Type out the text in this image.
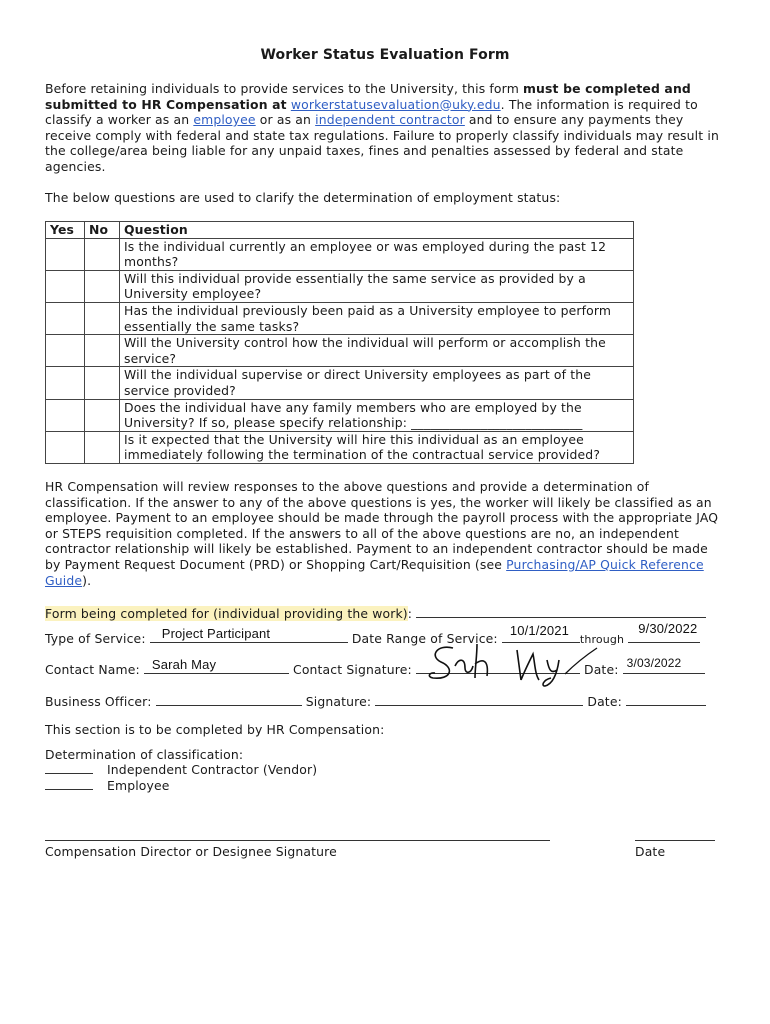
Worker Status Evaluation Form
Before retaining individuals to provide services to the University, this form must be completed and submitted to HR Compensation at workerstatusevaluation@uky.edu. The information is required to classify a worker as an employee or as an independent contractor and to ensure any payments they receive comply with federal and state tax regulations. Failure to properly classify individuals may result in the college/area being liable for any unpaid taxes, fines and penalties assessed by federal and state agencies.
The below questions are used to clarify the determination of employment status:
Yes	No	Question
		Is the individual currently an employee or was employed during the past 12 months?
		Will this individual provide essentially the same service as provided by a University employee?
		Has the individual previously been paid as a University employee to perform essentially the same tasks?
		Will the University control how the individual will perform or accomplish the service?
		Will the individual supervise or direct University employees as part of the service provided?
		Does the individual have any family members who are employed by the University? If so, please specify relationship: ___________________________
		Is it expected that the University will hire this individual as an employee immediately following the termination of the contractual service provided?
HR Compensation will review responses to the above questions and provide a determination of classification. If the answer to any of the above questions is yes, the worker will likely be classified as an employee. Payment to an employee should be made through the payroll process with the appropriate JAQ or STEPS requisition completed. If the answers to all of the above questions are no, an independent contractor relationship will likely be established. Payment to an independent contractor should be made by Payment Request Document (PRD) or Shopping Cart/Requisition (see Purchasing/AP Quick Reference Guide).
Form being completed for (individual providing the work):
Type of Service: Project Participant	Date Range of Service:
10/1/2021
through
9/30/2022
Contact Name: Sarah May	Contact Signature:	Date: 3/03/2022
Business Officer:	Signature:	Date:
This section is to be completed by HR Compensation:
Determination of classification:
Independent Contractor (Vendor)
Employee
Compensation Director or Designee Signature	Date
